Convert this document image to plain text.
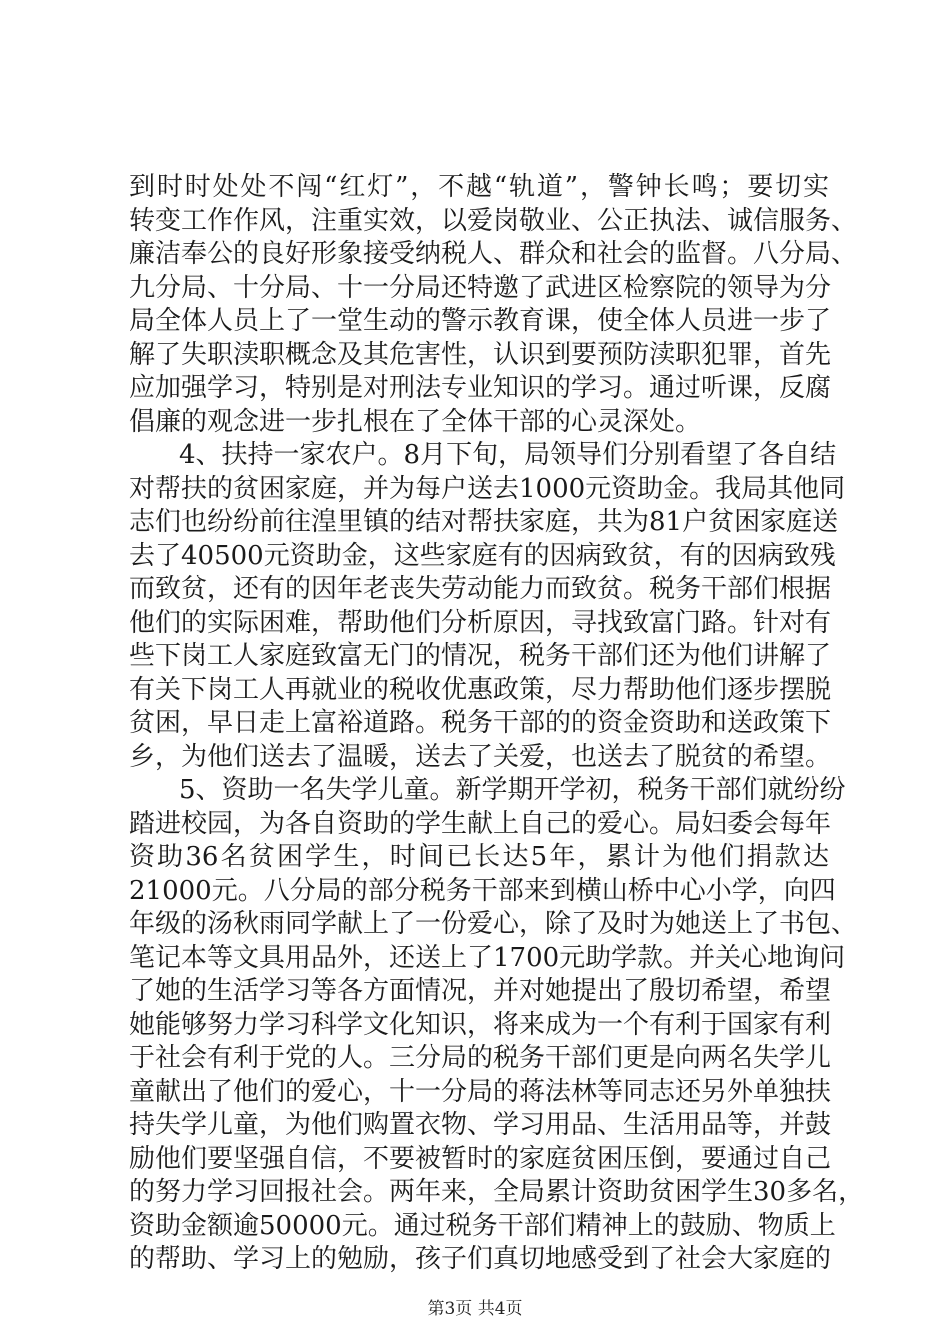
到时时处处不闯“红灯”，不越“轨道”，警钟长鸣；要切实
转变工作作风，注重实效，以爱岗敬业、公正执法、诚信服务、
廉洁奉公的良好形象接受纳税人、群众和社会的监督。八分局、
九分局、十分局、十一分局还特邀了武进区检察院的领导为分
局全体人员上了一堂生动的警示教育课，使全体人员进一步了
解了失职渎职概念及其危害性，认识到要预防渎职犯罪，首先
应加强学习，特别是对刑法专业知识的学习。通过听课，反腐
倡廉的观念进一步扎根在了全体干部的心灵深处。
4、扶持一家农户。8月下旬，局领导们分别看望了各自结
对帮扶的贫困家庭，并为每户送去1000元资助金。我局其他同
志们也纷纷前往湟里镇的结对帮扶家庭，共为81户贫困家庭送
去了40500元资助金，这些家庭有的因病致贫，有的因病致残
而致贫，还有的因年老丧失劳动能力而致贫。税务干部们根据
他们的实际困难，帮助他们分析原因，寻找致富门路。针对有
些下岗工人家庭致富无门的情况，税务干部们还为他们讲解了
有关下岗工人再就业的税收优惠政策，尽力帮助他们逐步摆脱
贫困，早日走上富裕道路。税务干部的的资金资助和送政策下
乡，为他们送去了温暖，送去了关爱，也送去了脱贫的希望。
5、资助一名失学儿童。新学期开学初，税务干部们就纷纷
踏进校园，为各自资助的学生献上自己的爱心。局妇委会每年
资助36名贫困学生，时间已长达5年，累计为他们捐款达
21000元。八分局的部分税务干部来到横山桥中心小学，向四
年级的汤秋雨同学献上了一份爱心，除了及时为她送上了书包、
笔记本等文具用品外，还送上了1700元助学款。并关心地询问
了她的生活学习等各方面情况，并对她提出了殷切希望，希望
她能够努力学习科学文化知识，将来成为一个有利于国家有利
于社会有利于党的人。三分局的税务干部们更是向两名失学儿
童献出了他们的爱心，十一分局的蒋法林等同志还另外单独扶
持失学儿童，为他们购置衣物、学习用品、生活用品等，并鼓
励他们要坚强自信，不要被暂时的家庭贫困压倒，要通过自己
的努力学习回报社会。两年来，全局累计资助贫困学生30多名，
资助金额逾50000元。通过税务干部们精神上的鼓励、物质上
的帮助、学习上的勉励，孩子们真切地感受到了社会大家庭的
第3页 共4页
